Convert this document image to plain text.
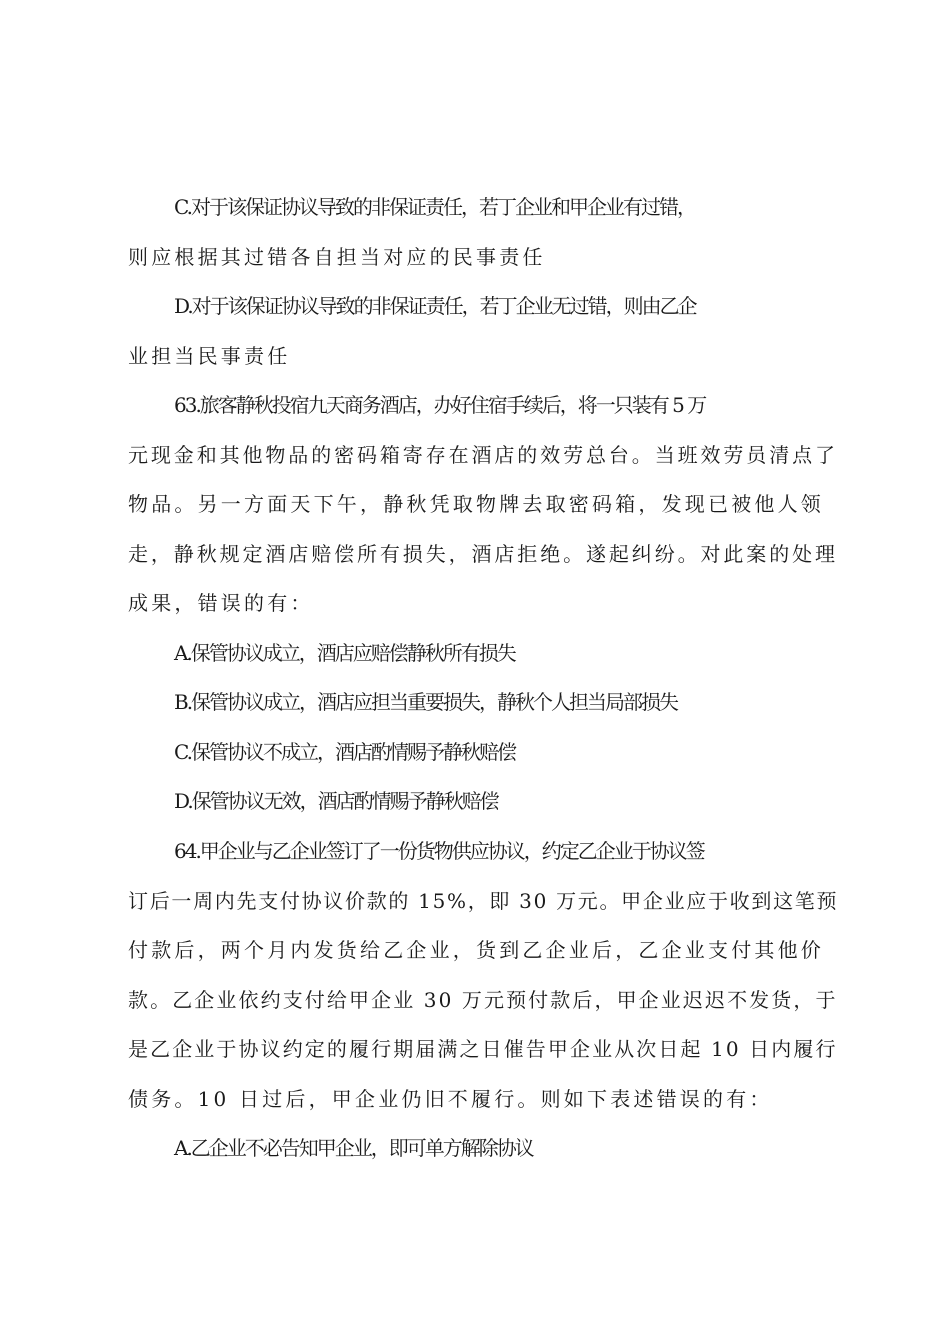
C.对于该保证协议导致的非保证责任，若丁企业和甲企业有过错，
则应根据其过错各自担当对应的民事责任
D.对于该保证协议导致的非保证责任，若丁企业无过错，则由乙企
业担当民事责任
63.旅客静秋投宿九天商务酒店，办好住宿手续后，将一只装有 5 万
元现金和其他物品的密码箱寄存在酒店的效劳总台。当班效劳员清点了
物品。另一方面天下午，静秋凭取物牌去取密码箱，发现已被他人领
走，静秋规定酒店赔偿所有损失，酒店拒绝。遂起纠纷。对此案的处理
成果，错误的有：
A.保管协议成立，酒店应赔偿静秋所有损失
B.保管协议成立，酒店应担当重要损失，静秋个人担当局部损失
C.保管协议不成立，酒店酌情赐予静秋赔偿
D.保管协议无效，酒店酌情赐予静秋赔偿
64.甲企业与乙企业签订了一份货物供应协议，约定乙企业于协议签
订后一周内先支付协议价款的 15%，即 30 万元。甲企业应于收到这笔预
付款后，两个月内发货给乙企业，货到乙企业后，乙企业支付其他价
款。乙企业依约支付给甲企业 30 万元预付款后，甲企业迟迟不发货，于
是乙企业于协议约定的履行期届满之日催告甲企业从次日起 10 日内履行
债务。10 日过后，甲企业仍旧不履行。则如下表述错误的有：
A.乙企业不必告知甲企业，即可单方解除协议
